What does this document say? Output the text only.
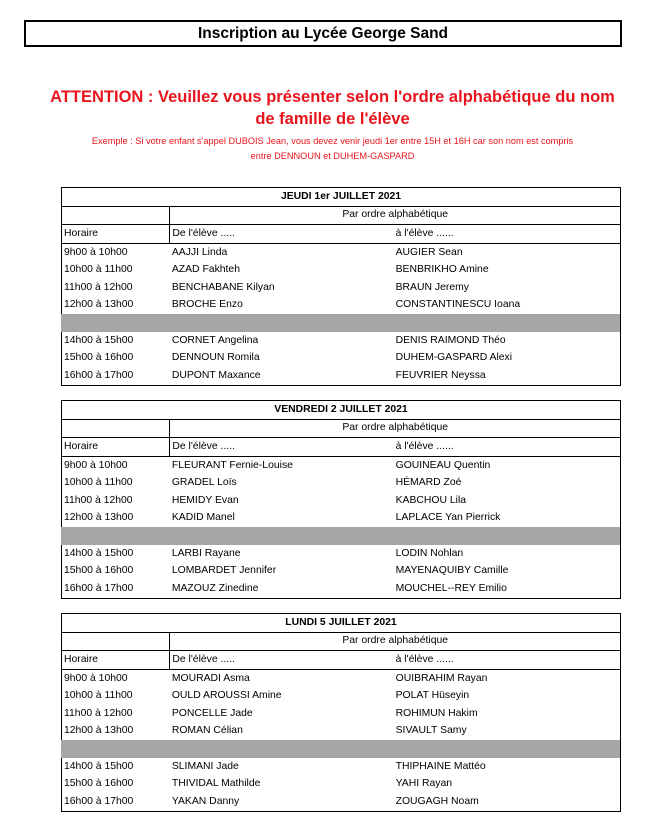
Inscription au Lycée George Sand
ATTENTION : Veuillez vous présenter selon l'ordre alphabétique du nom
de famille de l'élève
Exemple : Si votre enfant s'appel DUBOIS Jean, vous devez venir jeudi 1er entre 15H et 16H car son nom est compris
entre DENNOUN et DUHEM-GASPARD
JEUDI 1er JUILLET 2021		
	Par ordre alphabétique	
Horaire	De l'élève .....	à l'élève ......
9h00 à 10h00	AAJJI Linda	AUGIER Sean
10h00 à 11h00	AZAD Fakhteh	BENBRIKHO Amine
11h00 à 12h00	BENCHABANE Kilyan	BRAUN Jeremy
12h00 à 13h00	BROCHE Enzo	CONSTANTINESCU Ioana

14h00 à 15h00	CORNET Angelina	DENIS RAIMOND Théo
15h00 à 16h00	DENNOUN Romila	DUHEM-GASPARD Alexi
16h00 à 17h00	DUPONT Maxance	FEUVRIER Neyssa
VENDREDI 2 JUILLET 2021		
	Par ordre alphabétique	
Horaire	De l'élève .....	à l'élève ......
9h00 à 10h00	FLEURANT Fernie-Louise	GOUINEAU Quentin
10h00 à 11h00	GRADEL Loïs	HÉMARD Zoé
11h00 à 12h00	HEMIDY Evan	KABCHOU Lila
12h00 à 13h00	KADID Manel	LAPLACE Yan Pierrick

14h00 à 15h00	LARBI Rayane	LODIN Nohlan
15h00 à 16h00	LOMBARDET Jennifer	MAYENAQUIBY Camille
16h00 à 17h00	MAZOUZ Zinedine	MOUCHEL--REY Emilio
LUNDI 5 JUILLET 2021		
	Par ordre alphabétique	
Horaire	De l'élève .....	à l'élève ......
9h00 à 10h00	MOURADI Asma	OUIBRAHIM Rayan
10h00 à 11h00	OULD AROUSSI Amine	POLAT Hüseyin
11h00 à 12h00	PONCELLE Jade	ROHIMUN Hakim
12h00 à 13h00	ROMAN Célian	SIVAULT Samy

14h00 à 15h00	SLIMANI Jade	THIPHAINE Mattéo
15h00 à 16h00	THIVIDAL Mathilde	YAHI Rayan
16h00 à 17h00	YAKAN Danny	ZOUGAGH Noam
